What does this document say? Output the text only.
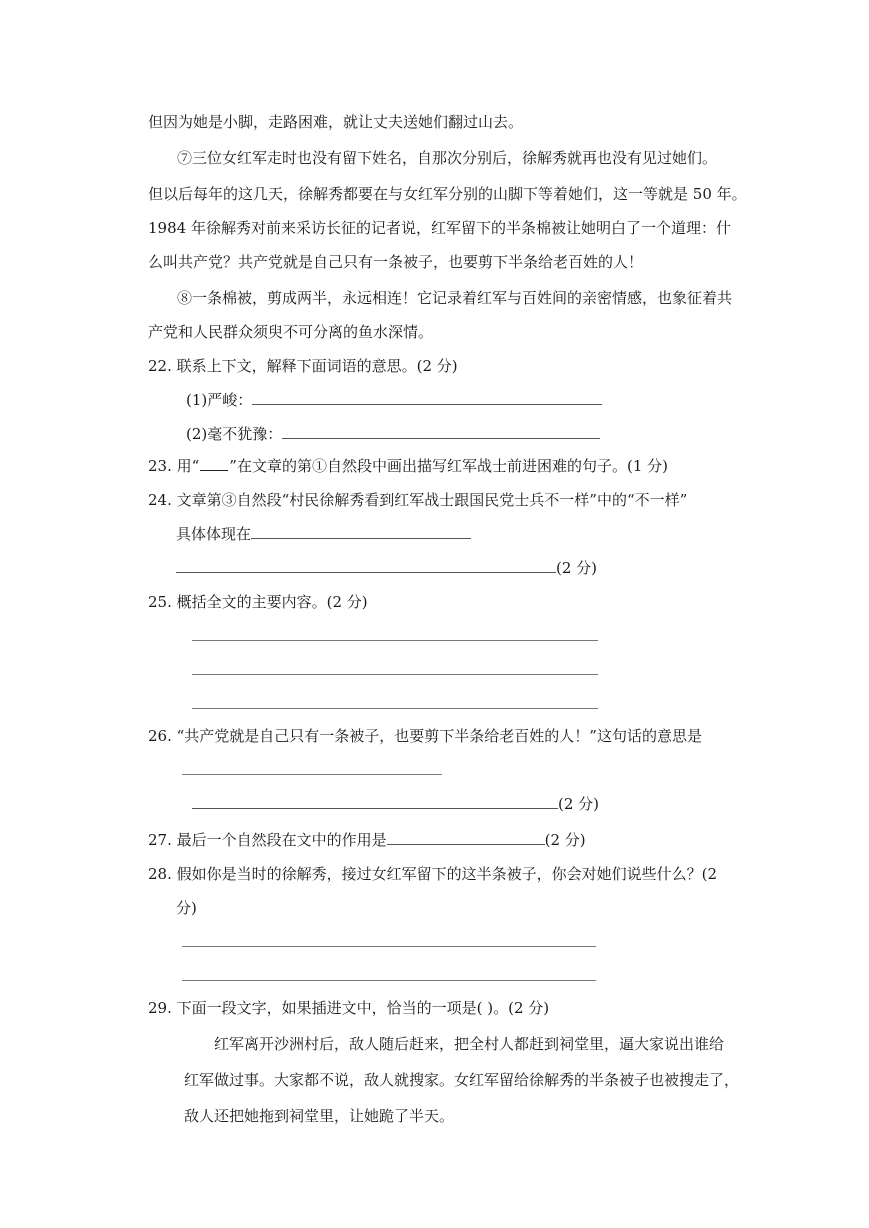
但因为她是小脚，走路困难，就让丈夫送她们翻过山去。
⑦三位女红军走时也没有留下姓名，自那次分别后，徐解秀就再也没有见过她们。
但以后每年的这几天，徐解秀都要在与女红军分别的山脚下等着她们，这一等就是 50 年。
1984 年徐解秀对前来采访长征的记者说，红军留下的半条棉被让她明白了一个道理：什
么叫共产党？共产党就是自己只有一条被子，也要剪下半条给老百姓的人！
⑧一条棉被，剪成两半，永远相连！它记录着红军与百姓间的亲密情感，也象征着共
产党和人民群众须臾不可分离的鱼水深情。
22. 联系上下文，解释下面词语的意思。(2 分)
(1)严峻：
(2)毫不犹豫：
23. 用“ ”在文章的第①自然段中画出描写红军战士前进困难的句子。(1 分)
24. 文章第③自然段“村民徐解秀看到红军战士跟国民党士兵不一样”中的“不一样”
具体体现在
(2 分)
25. 概括全文的主要内容。(2 分)
26. “共产党就是自己只有一条被子，也要剪下半条给老百姓的人！”这句话的意思是
(2 分)
27. 最后一个自然段在文中的作用是	(2 分)
28. 假如你是当时的徐解秀，接过女红军留下的这半条被子，你会对她们说些什么？(2
分)
29. 下面一段文字，如果插进文中，恰当的一项是( )。(2 分)
红军离开沙洲村后，敌人随后赶来，把全村人都赶到祠堂里，逼大家说出谁给
红军做过事。大家都不说，敌人就搜家。女红军留给徐解秀的半条被子也被搜走了，
敌人还把她拖到祠堂里，让她跪了半天。
